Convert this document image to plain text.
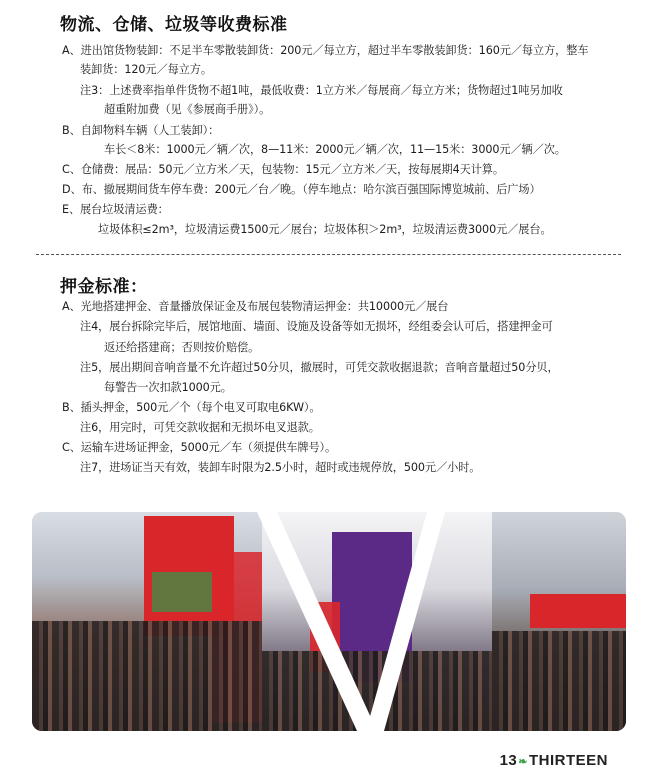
物流、仓储、垃圾等收费标准
A、进出馆货物装卸：不足半车零散装卸货：200元／每立方，超过半车零散装卸货：160元／每立方，整车
装卸货：120元／每立方。
注3：上述费率指单件货物不超1吨，最低收费：1立方米／每展商／每立方米；货物超过1吨另加收
超重附加费（见《参展商手册》）。
B、自卸物料车辆（人工装卸）：
车长＜8米：1000元／辆／次，8—11米：2000元／辆／次，11—15米：3000元／辆／次。
C、仓储费：展品：50元／立方米／天，包装物：15元／立方米／天，按每展期4天计算。
D、布、撤展期间货车停车费：200元／台／晚。（停车地点：哈尔滨百强国际博览城前、后广场）
E、展台垃圾清运费：
垃圾体积≤2m³，垃圾清运费1500元／展台；垃圾体积＞2m³，垃圾清运费3000元／展台。
押金标准：
A、光地搭建押金、音量播放保证金及布展包装物清运押金：共10000元／展台
注4，展台拆除完毕后，展馆地面、墙面、设施及设备等如无损坏，经组委会认可后，搭建押金可
返还给搭建商；否则按价赔偿。
注5，展出期间音响音量不允许超过50分贝，撤展时，可凭交款收据退款；音响音量超过50分贝，
每警告一次扣款1000元。
B、插头押金，500元／个（每个电叉可取电6KW）。
注6，用完时，可凭交款收据和无损坏电叉退款。
C、运输车进场证押金，5000元／车（须提供车牌号）。
注7，进场证当天有效，装卸车时限为2.5小时，超时或违规停放，500元／小时。
13❧THIRTEEN
